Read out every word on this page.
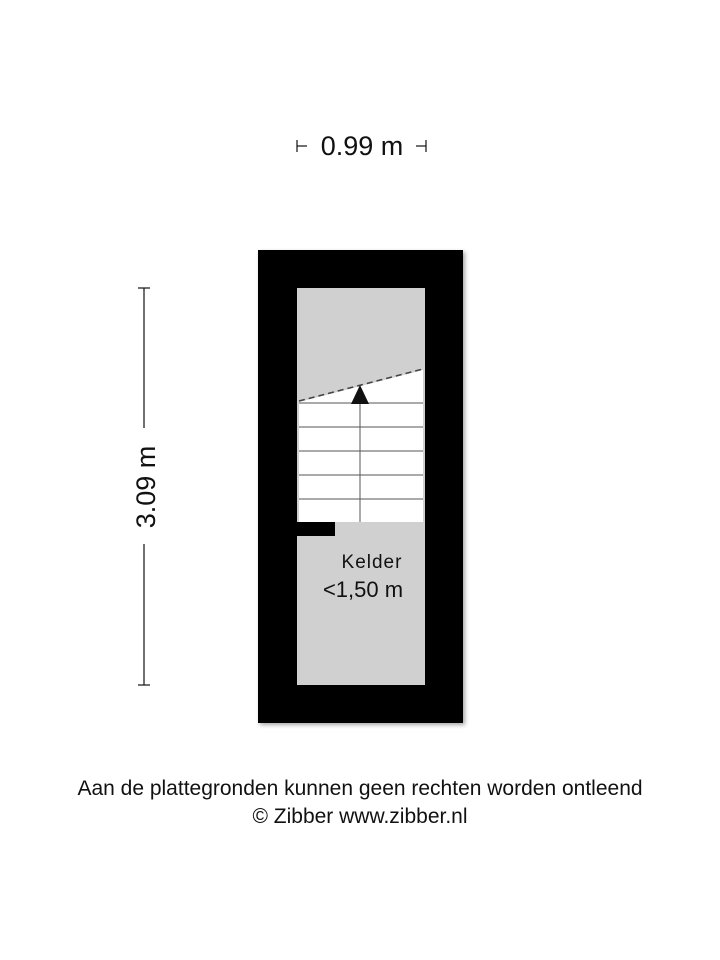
0.99 m
3.09 m
Kelder
<1,50 m
Aan de plattegronden kunnen geen rechten worden ontleend
© Zibber www.zibber.nl
